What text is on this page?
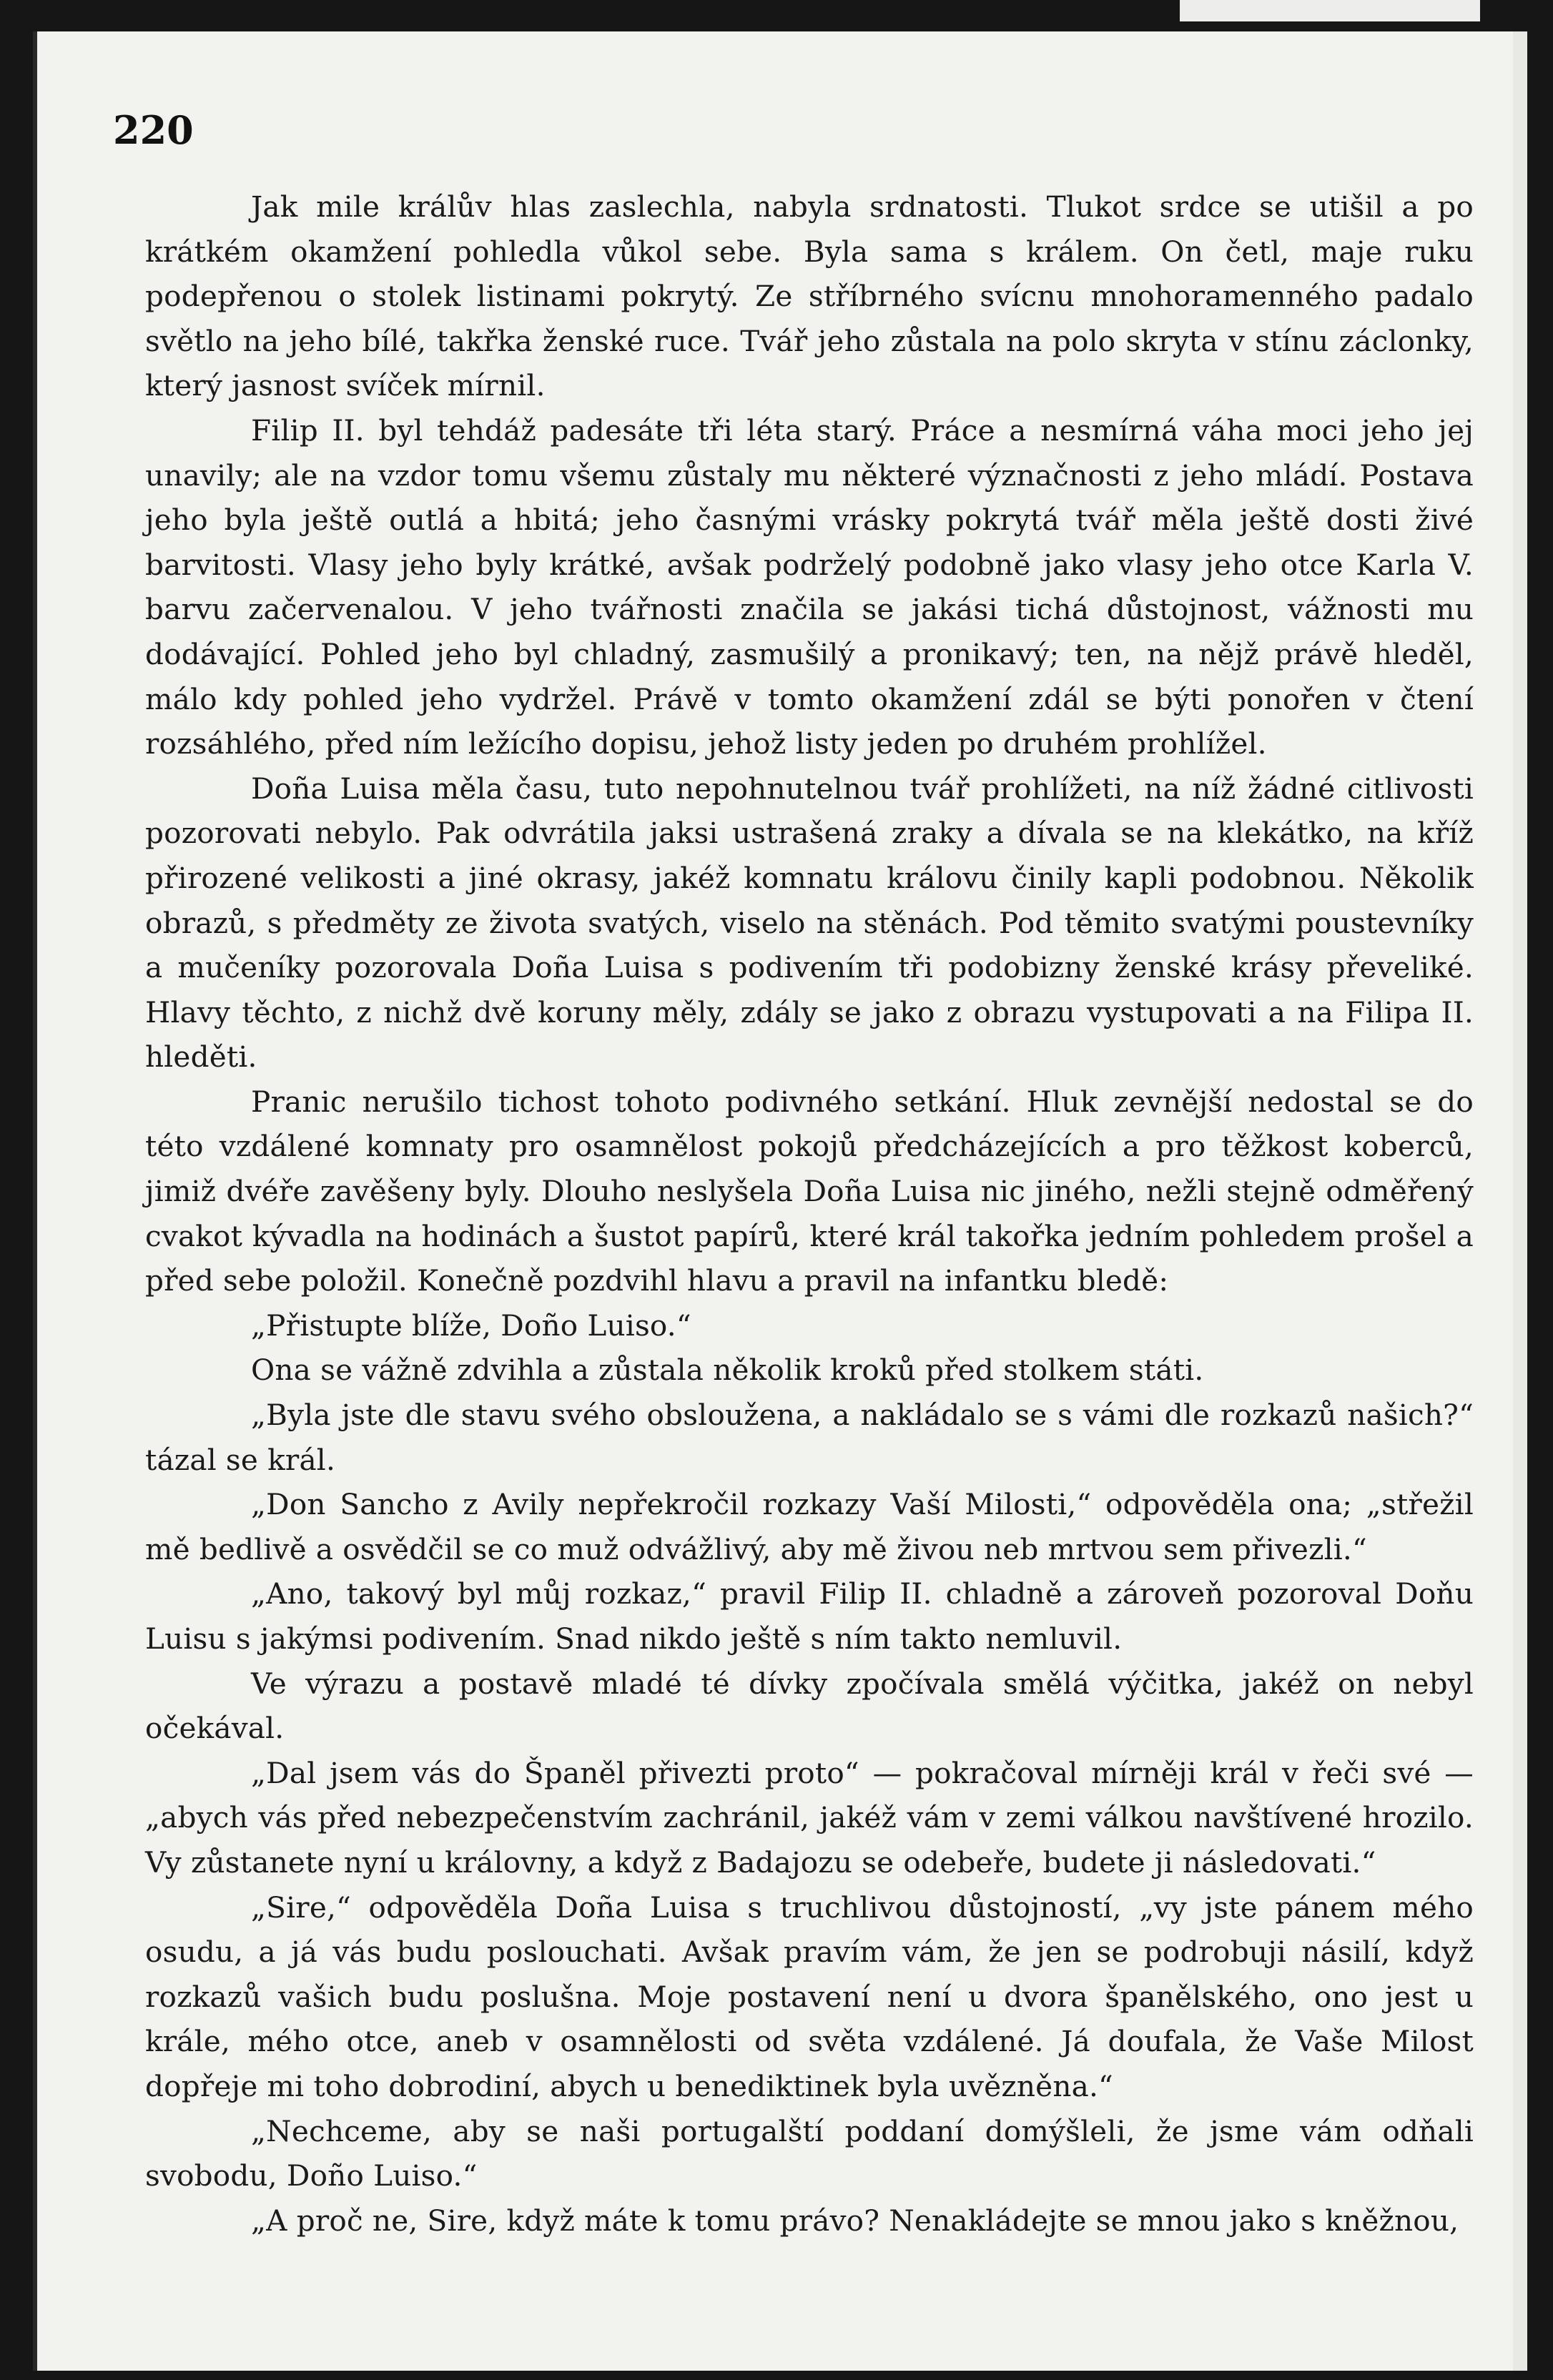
220

Jak mile králův hlas zaslechla, nabyla srdnatosti. Tlukot srdce se utišil a po krátkém okamžení pohledla vůkol sebe. Byla sama s králem. On četl, maje ruku podepřenou o stolek listinami pokrytý. Ze stříbrného svícnu mnohoramenného padalo světlo na jeho bílé, takřka ženské ruce. Tvář jeho zůstala na polo skryta v stínu záclonky, který jasnost svíček mírnil.

Filip II. byl tehdáž padesáte tři léta starý. Práce a nesmírná váha moci jeho jej unavily; ale na vzdor tomu všemu zůstaly mu některé význačnosti z jeho mládí. Postava jeho byla ještě outlá a hbitá; jeho časnými vrásky pokrytá tvář měla ještě dosti živé barvitosti. Vlasy jeho byly krátké, avšak podrželý podobně jako vlasy jeho otce Karla V. barvu začervenalou. V jeho tvářnosti značila se jakási tichá důstojnost, vážnosti mu dodávající. Pohled jeho byl chladný, zasmušilý a pronikavý; ten, na nějž právě hleděl, málo kdy pohled jeho vydržel. Právě v tomto okamžení zdál se býti ponořen v čtení rozsáhlého, před ním ležícího dopisu, jehož listy jeden po druhém prohlížel.

Doña Luisa měla času, tuto nepohnutelnou tvář prohlížeti, na níž žádné citlivosti pozorovati nebylo. Pak odvrátila jaksi ustrašená zraky a dívala se na klekátko, na kříž přirozené velikosti a jiné okrasy, jakéž komnatu královu činily kapli podobnou. Několik obrazů, s předměty ze života svatých, viselo na stěnách. Pod těmito svatými poustevníky a mučeníky pozorovala Doña Luisa s podivením tři podobizny ženské krásy převeliké. Hlavy těchto, z nichž dvě koruny měly, zdály se jako z obrazu vystupovati a na Filipa II. hleděti.

Pranic nerušilo tichost tohoto podivného setkání. Hluk zevnější nedostal se do této vzdálené komnaty pro osamnělost pokojů předcházejících a pro těžkost koberců, jimiž dvéře zavěšeny byly. Dlouho neslyšela Doña Luisa nic jiného, nežli stejně odměřený cvakot kývadla na hodinách a šustot papírů, které král takořka jedním pohledem prošel a před sebe položil. Konečně pozdvihl hlavu a pravil na infantku bledě:

„Přistupte blíže, Doño Luiso.“

Ona se vážně zdvihla a zůstala několik kroků před stolkem státi.

„Byla jste dle stavu svého obsloužena, a nakládalo se s vámi dle rozkazů našich?“ tázal se král.

„Don Sancho z Avily nepřekročil rozkazy Vaší Milosti,“ odpověděla ona; „střežil mě bedlivě a osvědčil se co muž odvážlivý, aby mě živou neb mrtvou sem přivezli.“

„Ano, takový byl můj rozkaz,“ pravil Filip II. chladně a zároveň pozoroval Doňu Luisu s jakýmsi podivením. Snad nikdo ještě s ním takto nemluvil.

Ve výrazu a postavě mladé té dívky zpočívala smělá výčitka, jakéž on nebyl očekával.

„Dal jsem vás do Španěl přivezti proto“ — pokračoval mírněji král v řeči své — „abych vás před nebezpečenstvím zachránil, jakéž vám v zemi válkou navštívené hrozilo. Vy zůstanete nyní u královny, a když z Badajozu se odebeře, budete ji následovati.“

„Sire,“ odpověděla Doña Luisa s truchlivou důstojností, „vy jste pánem mého osudu, a já vás budu poslouchati. Avšak pravím vám, že jen se podrobuji násilí, když rozkazů vašich budu poslušna. Moje postavení není u dvora španělského, ono jest u krále, mého otce, aneb v osamnělosti od světa vzdálené. Já doufala, že Vaše Milost dopřeje mi toho dobrodiní, abych u benediktinek byla uvězněna.“

„Nechceme, aby se naši portugalští poddaní domýšleli, že jsme vám odňali svobodu, Doño Luiso.“

„A proč ne, Sire, když máte k tomu právo? Nenakládejte se mnou jako s kněžnou,
